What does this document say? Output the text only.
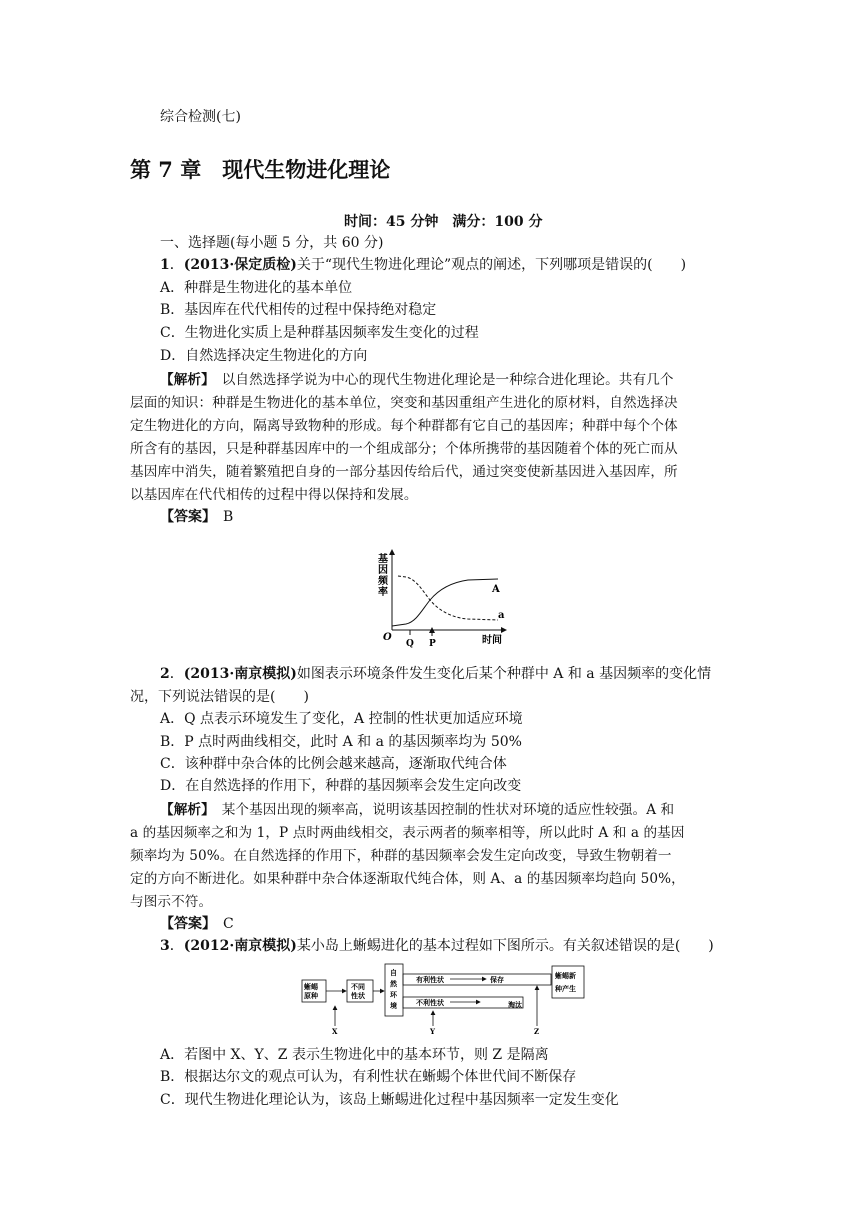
综合检测(七)
第 7 章　现代生物进化理论
时间：45 分钟　满分：100 分
一、选择题(每小题 5 分，共 60 分)
1．(2013·保定质检)关于“现代生物进化理论”观点的阐述，下列哪项是错误的(　　)
A．种群是生物进化的基本单位
B．基因库在代代相传的过程中保持绝对稳定
C．生物进化实质上是种群基因频率发生变化的过程
D．自然选择决定生物进化的方向
【解析】　 以自然选择学说为中心的现代生物进化理论是一种综合进化理论。共有几个
层面的知识：种群是生物进化的基本单位，突变和基因重组产生进化的原材料，自然选择决
定生物进化的方向，隔离导致物种的形成。每个种群都有它自己的基因库；种群中每个个体
所含有的基因，只是种群基因库中的一个组成部分；个体所携带的基因随着个体的死亡而从
基因库中消失，随着繁殖把自身的一部分基因传给后代，通过突变使新基因进入基因库，所
以基因库在代代相传的过程中得以保持和发展。
【答案】　 B
基
因
频
率
O	时间
A
a
Q P
2．(2013·南京模拟)如图表示环境条件发生变化后某个种群中 A 和 a 基因频率的变化情
况，下列说法错误的是(　　)
A．Q 点表示环境发生了变化，A 控制的性状更加适应环境
B．P 点时两曲线相交，此时 A 和 a 的基因频率均为 50%
C．该种群中杂合体的比例会越来越高，逐渐取代纯合体
D．在自然选择的作用下，种群的基因频率会发生定向改变
【解析】　 某个基因出现的频率高，说明该基因控制的性状对环境的适应性较强。A 和
a 的基因频率之和为 1，P 点时两曲线相交，表示两者的频率相等，所以此时 A 和 a 的基因
频率均为 50%。在自然选择的作用下，种群的基因频率会发生定向改变，导致生物朝着一
定的方向不断进化。如果种群中杂合体逐渐取代纯合体，则 A、a 的基因频率均趋向 50%，
与图示不符。
【答案】　 C
3．(2012·南京模拟)某小岛上蜥蜴进化的基本过程如下图所示。有关叙述错误的是(　　)
蜥蜴
原种
不同
性状
自
然
环
境
有利性状	保存
不利性状	淘汰
蜥蜴新
种产生
X	Y	Z
A．若图中 X、Y、Z 表示生物进化中的基本环节，则 Z 是隔离
B．根据达尔文的观点可认为，有利性状在蜥蜴个体世代间不断保存
C．现代生物进化理论认为，该岛上蜥蜴进化过程中基因频率一定发生变化
